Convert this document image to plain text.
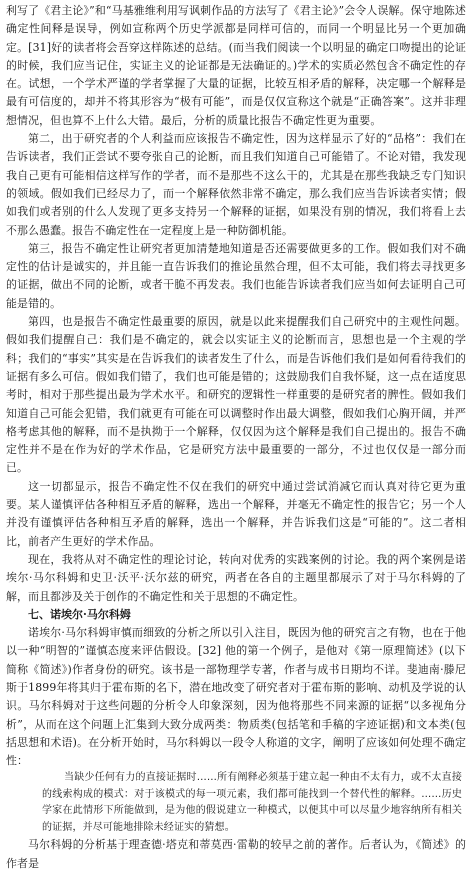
利写了《君主论》”和“马基雅维利用写讽刺作品的方法写了《君主论》”会令人误解。保守地陈述确定性间释是误导，例如宣称两个历史学派都是同样可信的，而同一个明显比另一个更加确定。[31]好的读者将会吾穿这样陈述的总结。(而当我们阅读一个以明显的确定口吻提出的论证的时候，我们应当记住，实证主义的论证都是无法确证的。)学术的实质必然包含不确定性的存在。试想，一个学术严谨的学者掌握了大量的证据，比较互相矛盾的解释，决定哪一个解释是最有可信度的，却并不将其形容为“极有可能”，而是仅仅宣称这个就是“正确答案”。这并非理想情况，但也算不上什么大错。最后，分析的质量比报告不确定性更为重要。

第二，出于研究者的个人利益而应该报告不确定性，因为这样显示了好的“品格”：我们在告诉读者，我们正尝试不要夸张自己的论断，而且我们知道自己可能错了。不论对错，我发现我自己更有可能相信这样写作的学者，而不是那些不这么干的，尤其是在那些我缺乏专门知识的领域。假如我们已经尽力了，而一个解释依然非常不确定，那么我们应当告诉读者实情；假如我们或者别的什么人发现了更多支持另一个解释的证据，如果没有别的情况，我们将看上去不那么愚蠢。报告不确定性在一定程度上是一种防御机能。

第三，报告不确定性让研究者更加清楚地知道是否还需要做更多的工作。假如我们对不确定性的估计是诚实的，并且能一直告诉我们的推论虽然合理，但不太可能，我们将去寻找更多的证据，做出不同的论断，或者干脆不再发表。我们也能告诉读者我们应当如何去证明自己可能是错的。

第四，也是报告不确定性最重要的原因，就是以此来提醒我们自己研究中的主观性问题。假如我们提醒自己：我们是不确定的，就会以实证主义的论断而言，思想也是一个主观的学科；我们的“事实”其实是在告诉我们的读者发生了什么，而是告诉他们我们是如何看待我们的证据有多么可信。假如我们错了，我们也可能是错的；这鼓励我们自我怀疑，这一点在适度思考时，相对于那些提出最为学术水平。和研究的逻辑性一样重要的是研究者的脾性。假如我们知道自己可能会犯错，我们就更有可能在可以调整时作出最大调整，假如我们心胸开阔，并严格考虑其他的解释，而不是执拗于一个解释，仅仅因为这个解释是我们自己提出的。报告不确定性并不是在作为好的学术作品，它是研究方法中最重要的一部分，不过也仅仅是一部分而已。

这一切都显示，报告不确定性不仅在我们的研究中通过尝试消减它而认真对待它更为重要。某人谨慎评估各种相互矛盾的解释，选出一个解释，并毫无不确定性的报告它；另一个人并没有谨慎评估各种相互矛盾的解释，选出一个解释，并告诉我们这是“可能的”。这二者相比，前者产生更好的学术作品。

现在，我将从对不确定性的理论讨论，转向对优秀的实践案例的讨论。我的两个案例是诺埃尔·马尔科姆和史卫·沃平·沃尔兹的研究，两者在各自的主题里都展示了对于马尔科姆的了解，而且都涉及关于创作的不确定性和关于思想的不确定性。

七、诺埃尔·马尔科姆

诺埃尔·马尔科姆审慎而细致的分析之所以引入注目，既因为他的研究言之有物，也在于他以一种“明智的”谨慎态度来评估假设。[32] 他的第一个例子，是他对《第一原理简述》(以下简称《简述》)作者身份的研究。该书是一部物理学专著，作者与成书日期均不详。斐迪南·滕尼斯于1899年将其归于霍布斯的名下，潜在地改变了研究者对于霍布斯的影响、动机及学说的认识。马尔科姆对于这些问题的分析令人印象深刻，因为他将那些不同来源的证据“以多视角分析”，从而在这个问题上汇集到大致分成两类：物质类(包括笔和手稿的字迹证据)和文本类(包括思想和术语)。在分析开始时，马尔科姆以一段令人称道的文字，阐明了应该如何处理不确定性：

当缺少任何有力的直接证据时……所有阐释必须基于建立起一种由不太有力，或不太直接的线索构成的模式：对于该模式的每一项元素，我们都可能找到一个替代性的解释。……历史学家在此情形下所能做到，是为他的假说建立一种模式，以便其中可以尽量少地容纳所有相关的证据，并尽可能地排除未经证实的猜想。

马尔科姆的分析基于理查德·塔克和蒂莫西·雷勒的较早之前的著作。后者认为，《简述》的作者是
